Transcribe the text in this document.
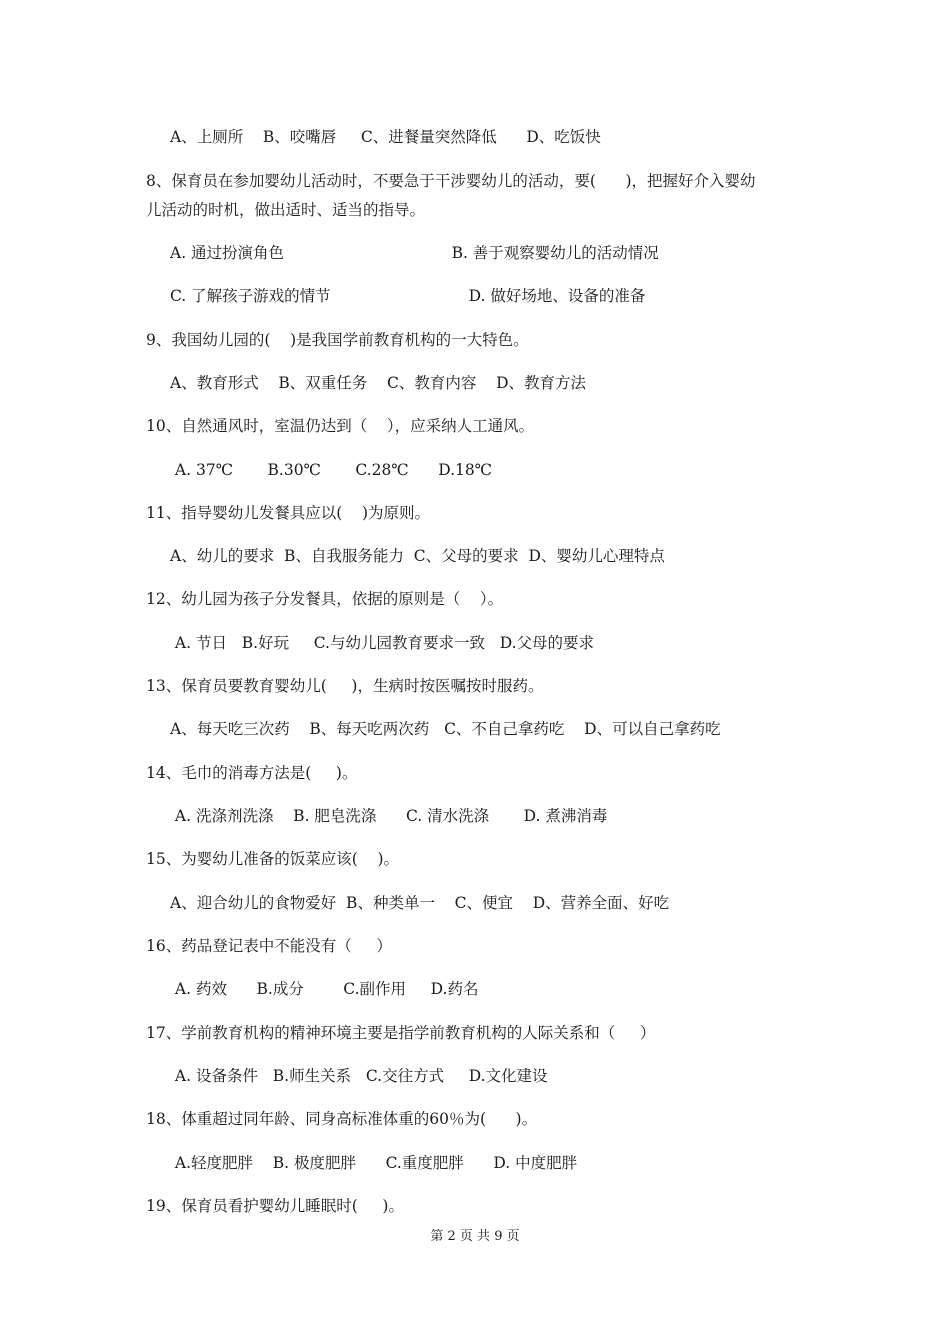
A、上厕所    B、咬嘴唇     C、进餐量突然降低      D、吃饭快
8、保育员在参加婴幼儿活动时，不要急于干涉婴幼儿的活动，要(      )，把握好介入婴幼
儿活动的时机，做出适时、适当的指导。
A. 通过扮演角色                                  B. 善于观察婴幼儿的活动情况
C. 了解孩子游戏的情节                            D. 做好场地、设备的准备
9、我国幼儿园的(    )是我国学前教育机构的一大特色。
A、教育形式    B、双重任务    C、教育内容    D、教育方法
10、自然通风时，室温仍达到（    ），应采纳人工通风。
A. 37℃       B.30℃       C.28℃      D.18℃
11、指导婴幼儿发餐具应以(    )为原则。
A、幼儿的要求  B、自我服务能力  C、父母的要求  D、婴幼儿心理特点
12、幼儿园为孩子分发餐具，依据的原则是（    ）。
A. 节日   B.好玩     C.与幼儿园教育要求一致   D.父母的要求
13、保育员要教育婴幼儿(     )，生病时按医嘱按时服药。
A、每天吃三次药    B、每天吃两次药   C、不自己拿药吃    D、可以自己拿药吃
14、毛巾的消毒方法是(     )。
A. 洗涤剂洗涤    B. 肥皂洗涤      C. 清水洗涤       D. 煮沸消毒
15、为婴幼儿准备的饭菜应该(    )。
A、迎合幼儿的食物爱好  B、种类单一    C、便宜    D、营养全面、好吃
16、药品登记表中不能没有（     ）
A. 药效      B.成分        C.副作用     D.药名
17、学前教育机构的精神环境主要是指学前教育机构的人际关系和（     ）
A. 设备条件   B.师生关系   C.交往方式     D.文化建设
18、体重超过同年龄、同身高标准体重的60％为(      )。
A.轻度肥胖    B. 极度肥胖      C.重度肥胖      D. 中度肥胖
19、保育员看护婴幼儿睡眠时(     )。
第 2 页 共 9 页
